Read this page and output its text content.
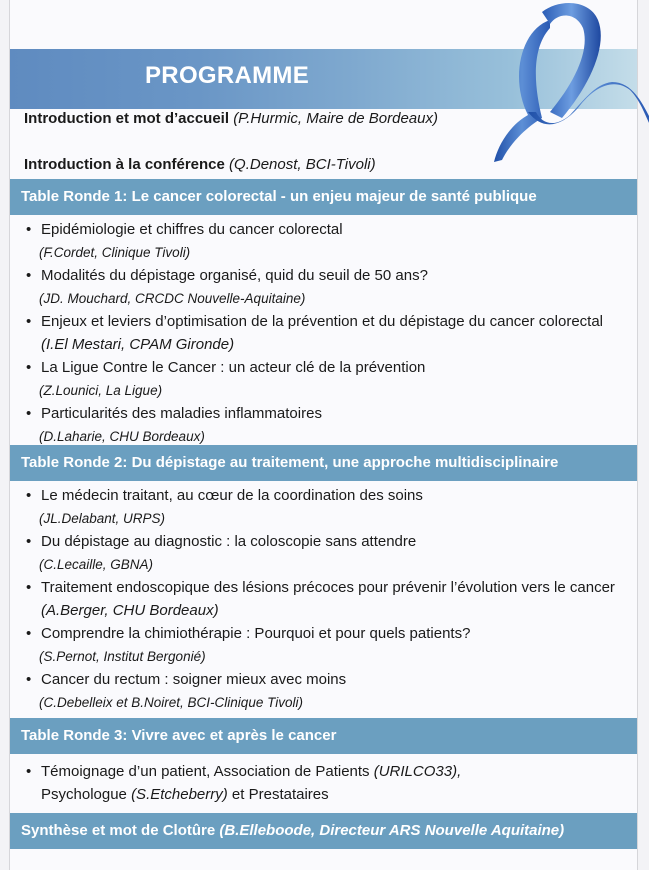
PROGRAMME
Introduction et mot d’accueil (P.Hurmic, Maire de Bordeaux)
Introduction à la conférence (Q.Denost, BCI-Tivoli)
Table Ronde 1: Le cancer colorectal - un enjeu majeur de santé publique
• Epidémiologie et chiffres du cancer colorectal
(F.Cordet, Clinique Tivoli)
• Modalités du dépistage organisé, quid du seuil de 50 ans?
(JD. Mouchard, CRCDC Nouvelle-Aquitaine)
• Enjeux et leviers d’optimisation de la prévention et du dépistage du cancer colorectal (I.El Mestari, CPAM Gironde)
• La Ligue Contre le Cancer : un acteur clé de la prévention
(Z.Lounici, La Ligue)
• Particularités des maladies inflammatoires
(D.Laharie, CHU Bordeaux)
Table Ronde 2: Du dépistage au traitement, une approche multidisciplinaire
• Le médecin traitant, au cœur de la coordination des soins
(JL.Delabant, URPS)
• Du dépistage au diagnostic : la coloscopie sans attendre
(C.Lecaille, GBNA)
• Traitement endoscopique des lésions précoces pour prévenir l’évolution vers le cancer (A.Berger, CHU Bordeaux)
• Comprendre la chimiothérapie : Pourquoi et pour quels patients?
(S.Pernot, Institut Bergonié)
• Cancer du rectum : soigner mieux avec moins
(C.Debelleix et B.Noiret, BCI-Clinique Tivoli)
Table Ronde 3: Vivre avec et après le cancer
• Témoignage d’un patient, Association de Patients (URILCO33),
Psychologue (S.Etcheberry) et Prestataires
Synthèse et mot de Clotûre (B.Elleboode, Directeur ARS Nouvelle Aquitaine)
